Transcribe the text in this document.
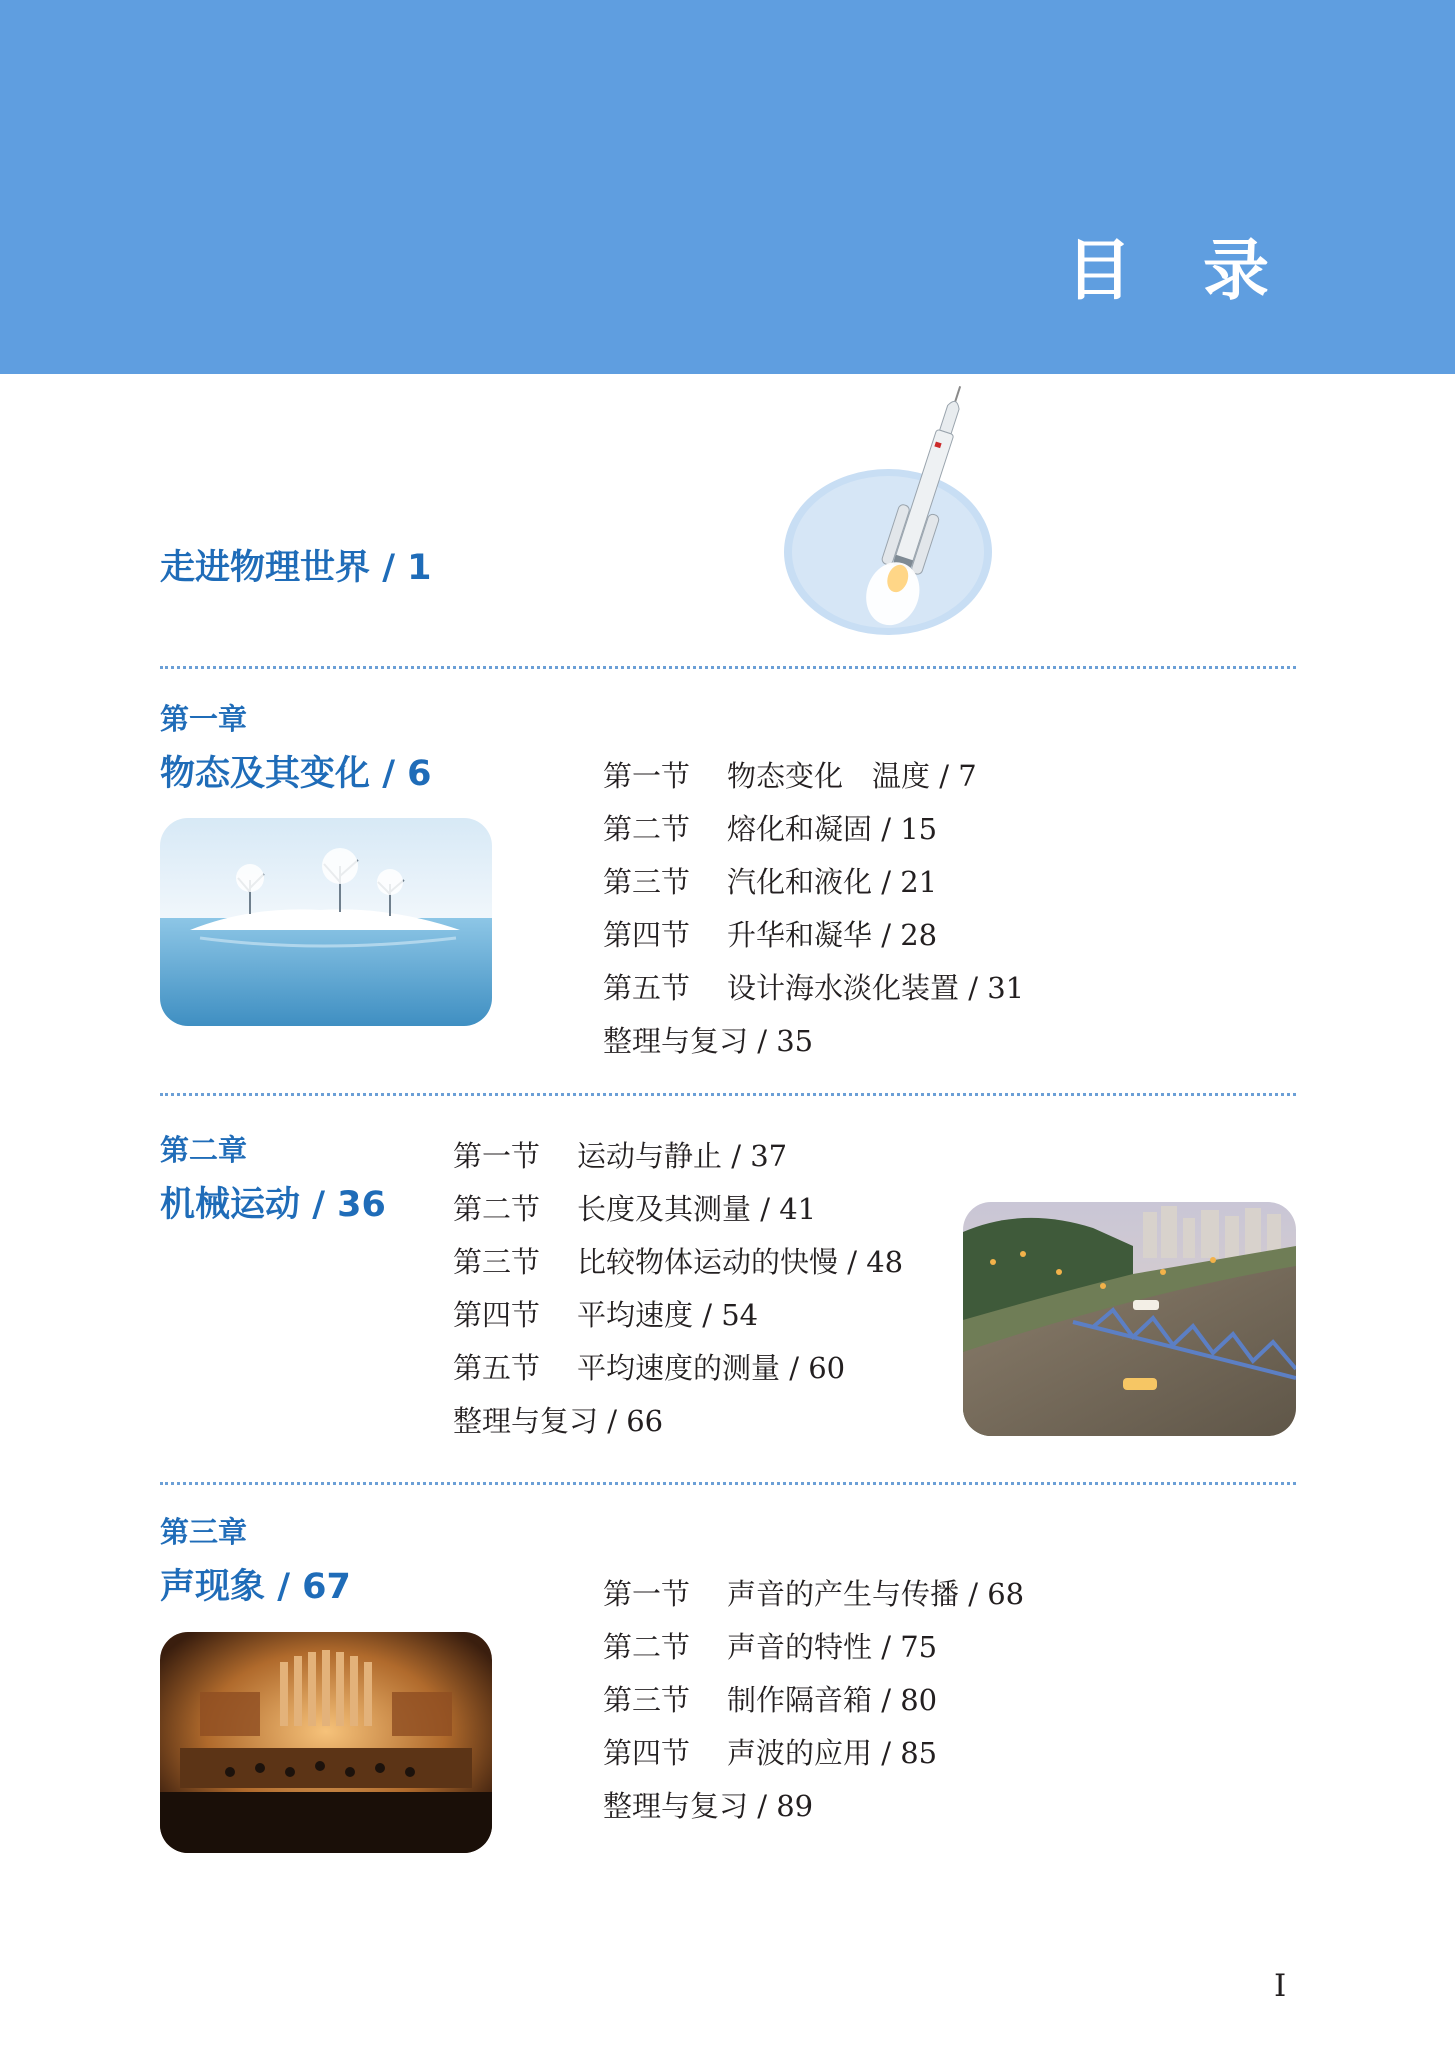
目 录

走进物理世界 / 1

第一章

物态及其变化 / 6	第一节 物态变化　温度 / 7
第二节 熔化和凝固 / 15
第三节 汽化和液化 / 21
第四节 升华和凝华 / 28
第五节 设计海水淡化装置 / 31
整理与复习 / 35

第二章

机械运动 / 36

第一节 运动与静止 / 37
第二节 长度及其测量 / 41
第三节 比较物体运动的快慢 / 48
第四节 平均速度 / 54
第五节 平均速度的测量 / 60
整理与复习 / 66

第三章

声现象 / 67	第一节 声音的产生与传播 / 68
第二节 声音的特性 / 75
第三节 制作隔音箱 / 80
第四节 声波的应用 / 85
整理与复习 / 89

I
